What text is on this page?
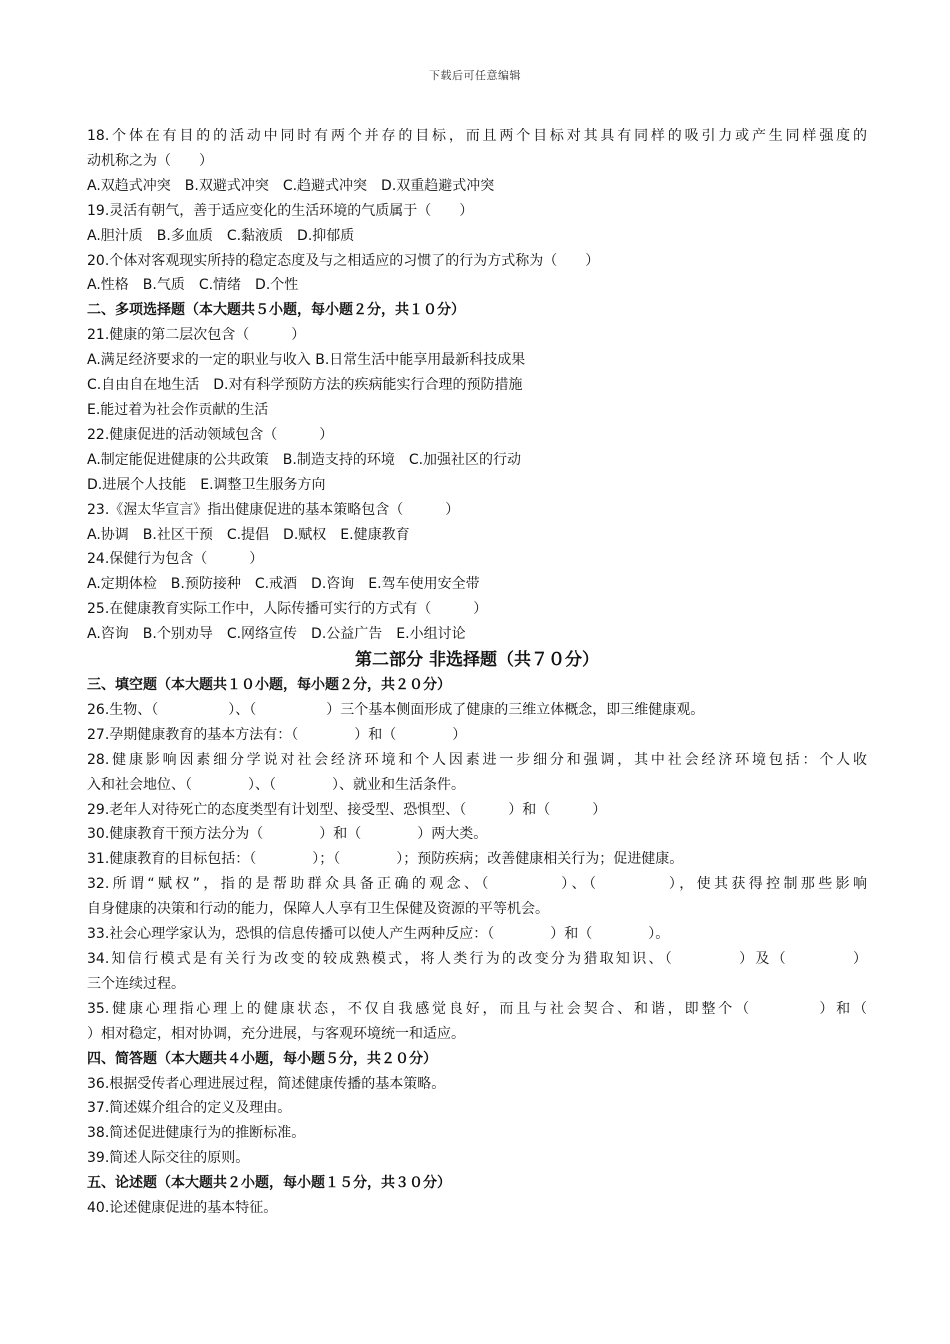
下载后可任意编辑
18.个体在有目的的活动中同时有两个并存的目标，而且两个目标对其具有同样的吸引力或产生同样强度的
动机称之为（　　）
A.双趋式冲突　B.双避式冲突　C.趋避式冲突　D.双重趋避式冲突
19.灵活有朝气，善于适应变化的生活环境的气质属于（　　）
A.胆汁质　B.多血质　C.黏液质　D.抑郁质
20.个体对客观现实所持的稳定态度及与之相适应的习惯了的行为方式称为（　　）
A.性格　B.气质　C.情绪　D.个性
二、多项选择题（本大题共５小题，每小题２分，共１０分）
21.健康的第二层次包含（　　　）
A.满足经济要求的一定的职业与收入 B.日常生活中能享用最新科技成果
C.自由自在地生活　D.对有科学预防方法的疾病能实行合理的预防措施
E.能过着为社会作贡献的生活
22.健康促进的活动领域包含（　　　）
A.制定能促进健康的公共政策　B.制造支持的环境　C.加强社区的行动
D.进展个人技能　E.调整卫生服务方向
23.《渥太华宣言》指出健康促进的基本策略包含（　　　）
A.协调　B.社区干预　C.提倡　D.赋权　E.健康教育
24.保健行为包含（　　　）
A.定期体检　B.预防接种　C.戒酒　D.咨询　E.驾车使用安全带
25.在健康教育实际工作中，人际传播可实行的方式有（　　　）
A.咨询　B.个别劝导　C.网络宣传　D.公益广告　E.小组讨论
第二部分 非选择题（共７０分）
三、填空题（本大题共１０小题，每小题２分，共２０分）
26.生物、（　　　　　）、（　　　　　）三个基本侧面形成了健康的三维立体概念，即三维健康观。
27.孕期健康教育的基本方法有：（　　　　）和（　　　　）
28.健康影响因素细分学说对社会经济环境和个人因素进一步细分和强调，其中社会经济环境包括：个人收
入和社会地位、（　　　　）、（　　　　）、就业和生活条件。
29.老年人对待死亡的态度类型有计划型、接受型、恐惧型、（　　　）和（　　　）
30.健康教育干预方法分为（　　　　）和（　　　　）两大类。
31.健康教育的目标包括：（　　　　）；（　　　　）；预防疾病；改善健康相关行为；促进健康。
32.所谓“赋权”，指的是帮助群众具备正确的观念、（　　　　）、（　　　　），使其获得控制那些影响
自身健康的决策和行动的能力，保障人人享有卫生保健及资源的平等机会。
33.社会心理学家认为，恐惧的信息传播可以使人产生两种反应：（　　　　）和（　　　　）。
34.知信行模式是有关行为改变的较成熟模式，将人类行为的改变分为猎取知识、（　　　　）及（　　　　）
三个连续过程。
35.健康心理指心理上的健康状态，不仅自我感觉良好，而且与社会契合、和谐，即整个（　　　　）和（
）相对稳定，相对协调，充分进展，与客观环境统一和适应。
四、简答题（本大题共４小题，每小题５分，共２０分）
36.根据受传者心理进展过程，简述健康传播的基本策略。
37.简述媒介组合的定义及理由。
38.简述促进健康行为的推断标准。
39.简述人际交往的原则。
五、论述题（本大题共２小题，每小题１５分，共３０分）
40.论述健康促进的基本特征。
